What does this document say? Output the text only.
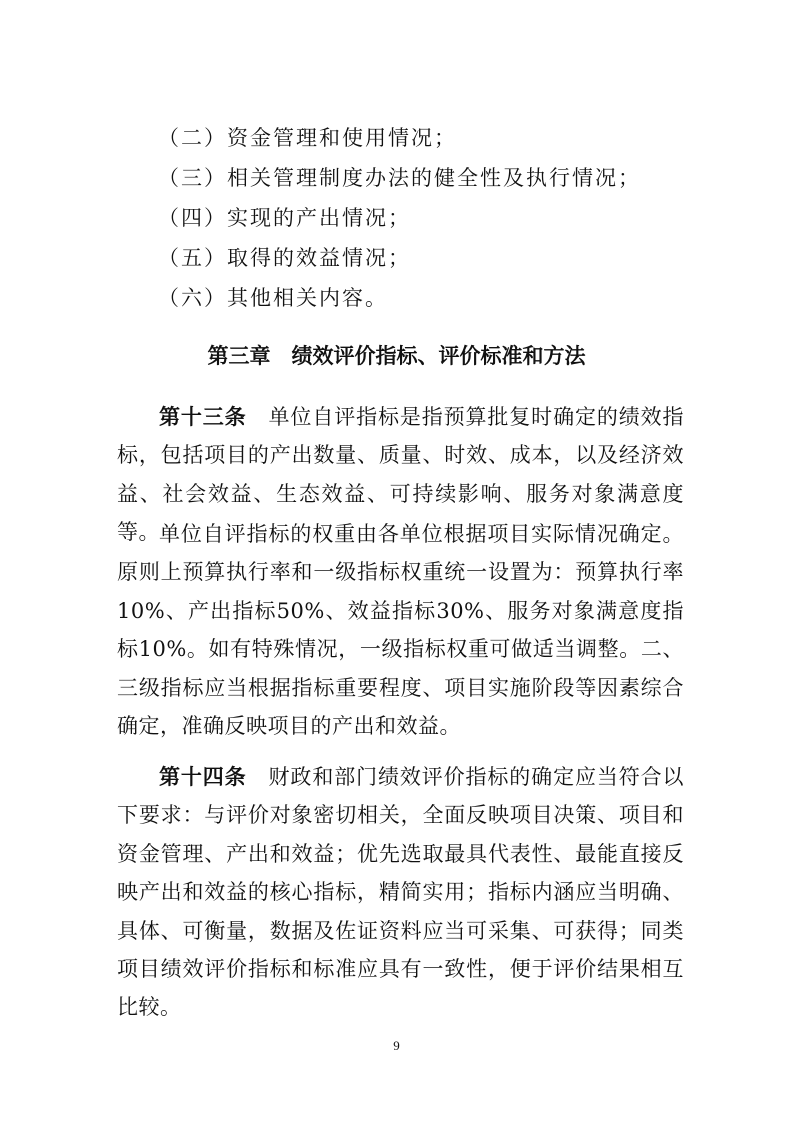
（二）资金管理和使用情况；
（三）相关管理制度办法的健全性及执行情况；
（四）实现的产出情况；
（五）取得的效益情况；
（六）其他相关内容。
第三章　绩效评价指标、评价标准和方法

第十三条 单位自评指标是指预算批复时确定的绩效指标，包括项目的产出数量、质量、时效、成本，以及经济效益、社会效益、生态效益、可持续影响、服务对象满意度等。 单位自评指标的权重由各单位根据项目实际情况确定。原则上预算执行率和一级指标权重统一设置为：预算执行率10%、产出指标50%、效益指标30%、服务对象满意度指标10%。如有特殊情况，一级指标权重可做适当调整。二、三级指标应当根据指标重要程度、项目实施阶段等因素综合确定，准确反映项目的产出和效益。

第十四条 财政和部门绩效评价指标的确定应当符合以下要求：与评价对象密切相关，全面反映项目决策、项目和资金管理、产出和效益；优先选取最具代表性、最能直接反映产出和效益的核心指标，精简实用；指标内涵应当明确、具体、可衡量，数据及佐证资料应当可采集、可获得；同类项目绩效评价指标和标准应具有一致性，便于评价结果相互比较。

9
